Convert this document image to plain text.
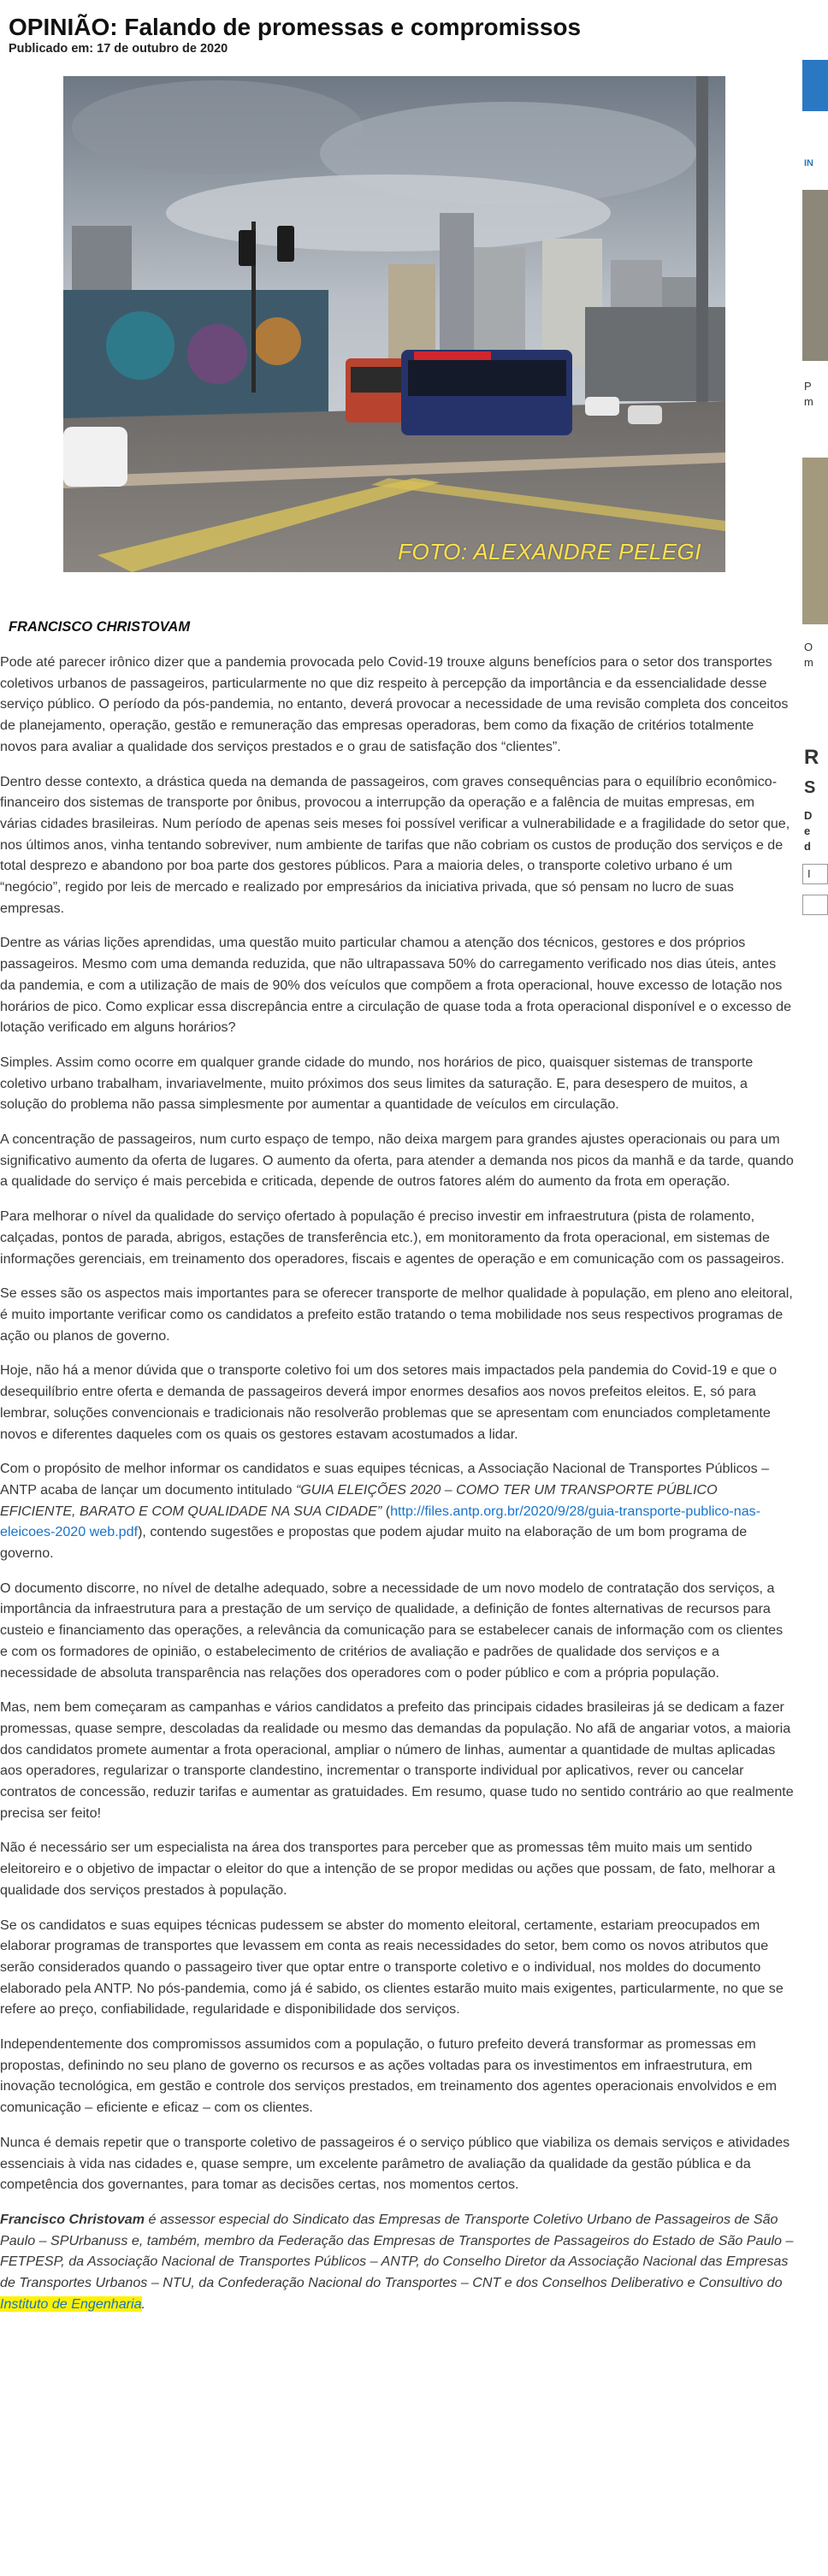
OPINIÃO: Falando de promessas e compromissos
Publicado em: 17 de outubro de 2020
FOTO: ALEXANDRE PELEGI
FRANCISCO CHRISTOVAM

Pode até parecer irônico dizer que a pandemia provocada pelo Covid-19 trouxe alguns benefícios para o setor dos transportes coletivos urbanos de passageiros, particularmente no que diz respeito à percepção da importância e da essencialidade desse serviço público. O período da pós-pandemia, no entanto, deverá provocar a necessidade de uma revisão completa dos conceitos de planejamento, operação, gestão e remuneração das empresas operadoras, bem como da fixação de critérios totalmente novos para avaliar a qualidade dos serviços prestados e o grau de satisfação dos “clientes”.

Dentro desse contexto, a drástica queda na demanda de passageiros, com graves consequências para o equilíbrio econômico-financeiro dos sistemas de transporte por ônibus, provocou a interrupção da operação e a falência de muitas empresas, em várias cidades brasileiras. Num período de apenas seis meses foi possível verificar a vulnerabilidade e a fragilidade do setor que, nos últimos anos, vinha tentando sobreviver, num ambiente de tarifas que não cobriam os custos de produção dos serviços e de total desprezo e abandono por boa parte dos gestores públicos. Para a maioria deles, o transporte coletivo urbano é um “negócio”, regido por leis de mercado e realizado por empresários da iniciativa privada, que só pensam no lucro de suas empresas.

Dentre as várias lições aprendidas, uma questão muito particular chamou a atenção dos técnicos, gestores e dos próprios passageiros. Mesmo com uma demanda reduzida, que não ultrapassava 50% do carregamento verificado nos dias úteis, antes da pandemia, e com a utilização de mais de 90% dos veículos que compõem a frota operacional, houve excesso de lotação nos horários de pico. Como explicar essa discrepância entre a circulação de quase toda a frota operacional disponível e o excesso de lotação verificado em alguns horários?

Simples. Assim como ocorre em qualquer grande cidade do mundo, nos horários de pico, quaisquer sistemas de transporte coletivo urbano trabalham, invariavelmente, muito próximos dos seus limites da saturação. E, para desespero de muitos, a solução do problema não passa simplesmente por aumentar a quantidade de veículos em circulação.

A concentração de passageiros, num curto espaço de tempo, não deixa margem para grandes ajustes operacionais ou para um significativo aumento da oferta de lugares. O aumento da oferta, para atender a demanda nos picos da manhã e da tarde, quando a qualidade do serviço é mais percebida e criticada, depende de outros fatores além do aumento da frota em operação.

Para melhorar o nível da qualidade do serviço ofertado à população é preciso investir em infraestrutura (pista de rolamento, calçadas, pontos de parada, abrigos, estações de transferência etc.), em monitoramento da frota operacional, em sistemas de informações gerenciais, em treinamento dos operadores, fiscais e agentes de operação e em comunicação com os passageiros.

Se esses são os aspectos mais importantes para se oferecer transporte de melhor qualidade à população, em pleno ano eleitoral, é muito importante verificar como os candidatos a prefeito estão tratando o tema mobilidade nos seus respectivos programas de ação ou planos de governo.

Hoje, não há a menor dúvida que o transporte coletivo foi um dos setores mais impactados pela pandemia do Covid-19 e que o desequilíbrio entre oferta e demanda de passageiros deverá impor enormes desafios aos novos prefeitos eleitos. E, só para lembrar, soluções convencionais e tradicionais não resolverão problemas que se apresentam com enunciados completamente novos e diferentes daqueles com os quais os gestores estavam acostumados a lidar.

Com o propósito de melhor informar os candidatos e suas equipes técnicas, a Associação Nacional de Transportes Públicos – ANTP acaba de lançar um documento intitulado “GUIA ELEIÇÕES 2020 – COMO TER UM TRANSPORTE PÚBLICO EFICIENTE, BARATO E COM QUALIDADE NA SUA CIDADE” (http://files.antp.org.br/2020/9/28/guia-transporte-publico-nas-eleicoes-2020 web.pdf), contendo sugestões e propostas que podem ajudar muito na elaboração de um bom programa de governo.

O documento discorre, no nível de detalhe adequado, sobre a necessidade de um novo modelo de contratação dos serviços, a importância da infraestrutura para a prestação de um serviço de qualidade, a definição de fontes alternativas de recursos para custeio e financiamento das operações, a relevância da comunicação para se estabelecer canais de informação com os clientes e com os formadores de opinião, o estabelecimento de critérios de avaliação e padrões de qualidade dos serviços e a necessidade de absoluta transparência nas relações dos operadores com o poder público e com a própria população.

Mas, nem bem começaram as campanhas e vários candidatos a prefeito das principais cidades brasileiras já se dedicam a fazer promessas, quase sempre, descoladas da realidade ou mesmo das demandas da população. No afã de angariar votos, a maioria dos candidatos promete aumentar a frota operacional, ampliar o número de linhas, aumentar a quantidade de multas aplicadas aos operadores, regularizar o transporte clandestino, incrementar o transporte individual por aplicativos, rever ou cancelar contratos de concessão, reduzir tarifas e aumentar as gratuidades. Em resumo, quase tudo no sentido contrário ao que realmente precisa ser feito!

Não é necessário ser um especialista na área dos transportes para perceber que as promessas têm muito mais um sentido eleitoreiro e o objetivo de impactar o eleitor do que a intenção de se propor medidas ou ações que possam, de fato, melhorar a qualidade dos serviços prestados à população.

Se os candidatos e suas equipes técnicas pudessem se abster do momento eleitoral, certamente, estariam preocupados em elaborar programas de transportes que levassem em conta as reais necessidades do setor, bem como os novos atributos que serão considerados quando o passageiro tiver que optar entre o transporte coletivo e o individual, nos moldes do documento elaborado pela ANTP. No pós-pandemia, como já é sabido, os clientes estarão muito mais exigentes, particularmente, no que se refere ao preço, confiabilidade, regularidade e disponibilidade dos serviços.

Independentemente dos compromissos assumidos com a população, o futuro prefeito deverá transformar as promessas em propostas, definindo no seu plano de governo os recursos e as ações voltadas para os investimentos em infraestrutura, em inovação tecnológica, em gestão e controle dos serviços prestados, em treinamento dos agentes operacionais envolvidos e em comunicação – eficiente e eficaz – com os clientes.

Nunca é demais repetir que o transporte coletivo de passageiros é o serviço público que viabiliza os demais serviços e atividades essenciais à vida nas cidades e, quase sempre, um excelente parâmetro de avaliação da qualidade da gestão pública e da competência dos governantes, para tomar as decisões certas, nos momentos certos.

Francisco Christovam é assessor especial do Sindicato das Empresas de Transporte Coletivo Urbano de Passageiros de São Paulo – SPUrbanuss e, também, membro da Federação das Empresas de Transportes de Passageiros do Estado de São Paulo – FETPESP, da Associação Nacional de Transportes Públicos – ANTP, do Conselho Diretor da Associação Nacional das Empresas de Transportes Urbanos – NTU, da Confederação Nacional do Transportes – CNT e dos Conselhos Deliberativo e Consultivo do Instituto de Engenharia.

IN
P
m
O
m
R
S
D
e
d
I
